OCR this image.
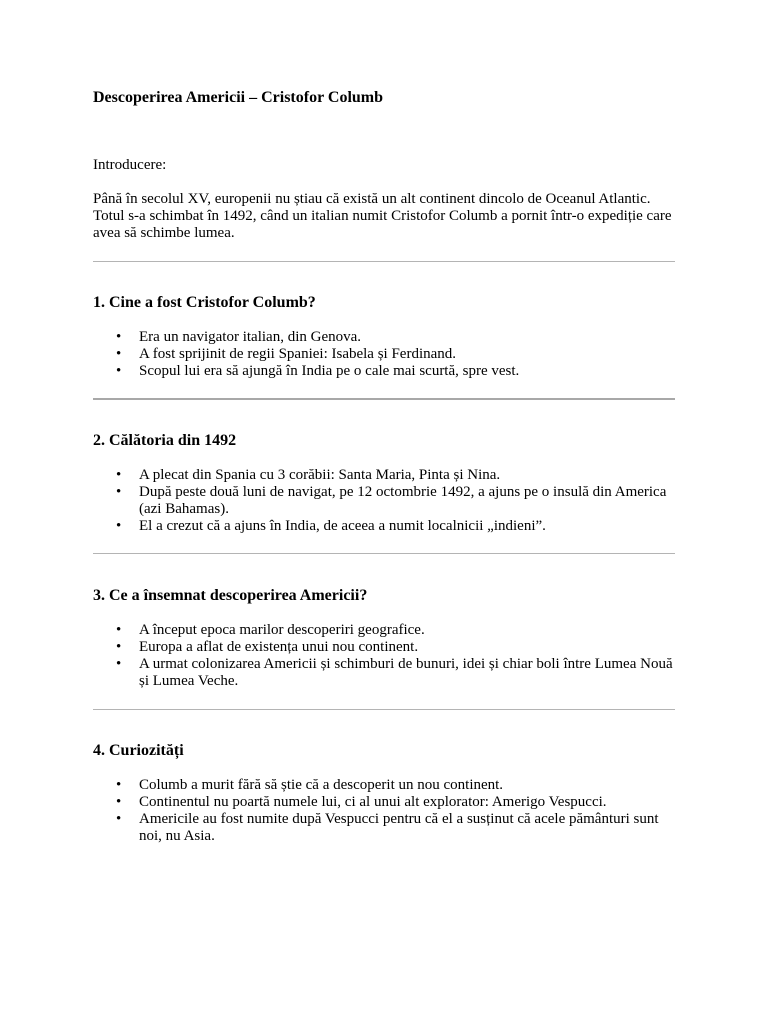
Descoperirea Americii – Cristofor Columb

Introducere:

Până în secolul XV, europenii nu știau că există un alt continent dincolo de Oceanul Atlantic. Totul s-a schimbat în 1492, când un italian numit Cristofor Columb a pornit într-o expediție care avea să schimbe lumea.

1. Cine a fost Cristofor Columb?
• Era un navigator italian, din Genova.
• A fost sprijinit de regii Spaniei: Isabela și Ferdinand.
• Scopul lui era să ajungă în India pe o cale mai scurtă, spre vest.
2. Călătoria din 1492
• A plecat din Spania cu 3 corăbii: Santa Maria, Pinta și Nina.
• După peste două luni de navigat, pe 12 octombrie 1492, a ajuns pe o insulă din America (azi Bahamas).
• El a crezut că a ajuns în India, de aceea a numit localnicii „indieni”.
3. Ce a însemnat descoperirea Americii?
• A început epoca marilor descoperiri geografice.
• Europa a aflat de existența unui nou continent.
• A urmat colonizarea Americii și schimburi de bunuri, idei și chiar boli între Lumea Nouă și Lumea Veche.
4. Curiozități
• Columb a murit fără să știe că a descoperit un nou continent.
• Continentul nu poartă numele lui, ci al unui alt explorator: Amerigo Vespucci.
• Americile au fost numite după Vespucci pentru că el a susținut că acele pământuri sunt noi, nu Asia.
